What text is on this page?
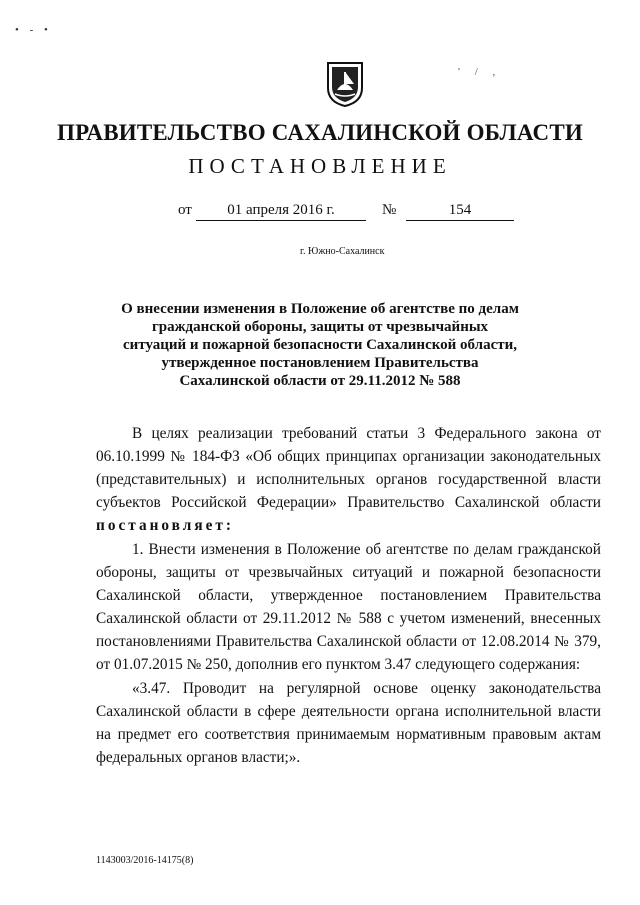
• - •
' / ,
ПРАВИТЕЛЬСТВО САХАЛИНСКОЙ ОБЛАСТИ
ПОСТАНОВЛЕНИЕ
от	01 апреля 2016 г.	№	154
г. Южно-Сахалинск
О внесении изменения в Положение об агентстве по делам гражданской обороны, защиты от чрезвычайных ситуаций и пожарной безопасности Сахалинской области, утвержденное постановлением Правительства Сахалинской области от 29.11.2012 № 588

В целях реализации требований статьи 3 Федерального закона от 06.10.1999 № 184-ФЗ «Об общих принципах организации законодательных (представительных) и исполнительных органов государственной власти субъектов Российской Федерации» Правительство Сахалинской области постановляет:

1. Внести изменения в Положение об агентстве по делам гражданской обороны, защиты от чрезвычайных ситуаций и пожарной безопасности Сахалинской области, утвержденное постановлением Правительства Сахалинской области от 29.11.2012 № 588 с учетом изменений, внесенных постановлениями Правительства Сахалинской области от 12.08.2014 № 379, от 01.07.2015 № 250, дополнив его пунктом 3.47 следующего содержания:

«3.47. Проводит на регулярной основе оценку законодательства Сахалинской области в сфере деятельности органа исполнительной власти на предмет его соответствия принимаемым нормативным правовым актам федеральных органов власти;».

1143003/2016-14175(8)
